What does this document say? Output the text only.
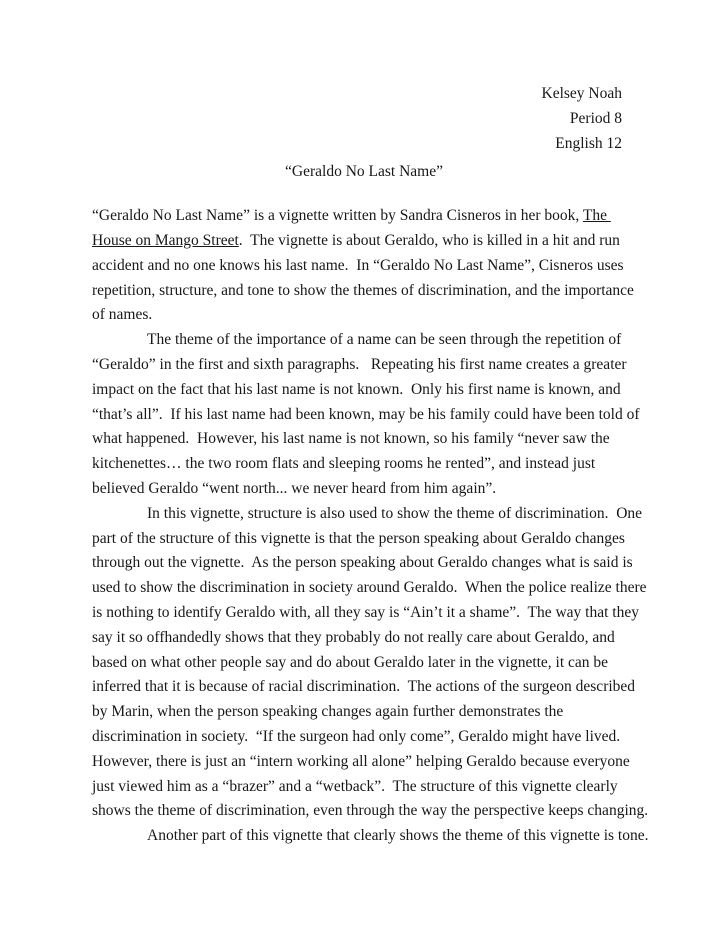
Kelsey Noah
Period 8
English 12
“Geraldo No Last Name”
“Geraldo No Last Name” is a vignette written by Sandra Cisneros in her book, The
House on Mango Street.  The vignette is about Geraldo, who is killed in a hit and run
accident and no one knows his last name.  In “Geraldo No Last Name”, Cisneros uses
repetition, structure, and tone to show the themes of discrimination, and the importance
of names.
The theme of the importance of a name can be seen through the repetition of
“Geraldo” in the first and sixth paragraphs.   Repeating his first name creates a greater
impact on the fact that his last name is not known.  Only his first name is known, and
“that’s all”.  If his last name had been known, may be his family could have been told of
what happened.  However, his last name is not known, so his family “never saw the
kitchenettes… the two room flats and sleeping rooms he rented”, and instead just
believed Geraldo “went north... we never heard from him again”.
In this vignette, structure is also used to show the theme of discrimination.  One
part of the structure of this vignette is that the person speaking about Geraldo changes
through out the vignette.  As the person speaking about Geraldo changes what is said is
used to show the discrimination in society around Geraldo.  When the police realize there
is nothing to identify Geraldo with, all they say is “Ain’t it a shame”.  The way that they
say it so offhandedly shows that they probably do not really care about Geraldo, and
based on what other people say and do about Geraldo later in the vignette, it can be
inferred that it is because of racial discrimination.  The actions of the surgeon described
by Marin, when the person speaking changes again further demonstrates the
discrimination in society.  “If the surgeon had only come”, Geraldo might have lived.
However, there is just an “intern working all alone” helping Geraldo because everyone
just viewed him as a “brazer” and a “wetback”.  The structure of this vignette clearly
shows the theme of discrimination, even through the way the perspective keeps changing.
Another part of this vignette that clearly shows the theme of this vignette is tone.
